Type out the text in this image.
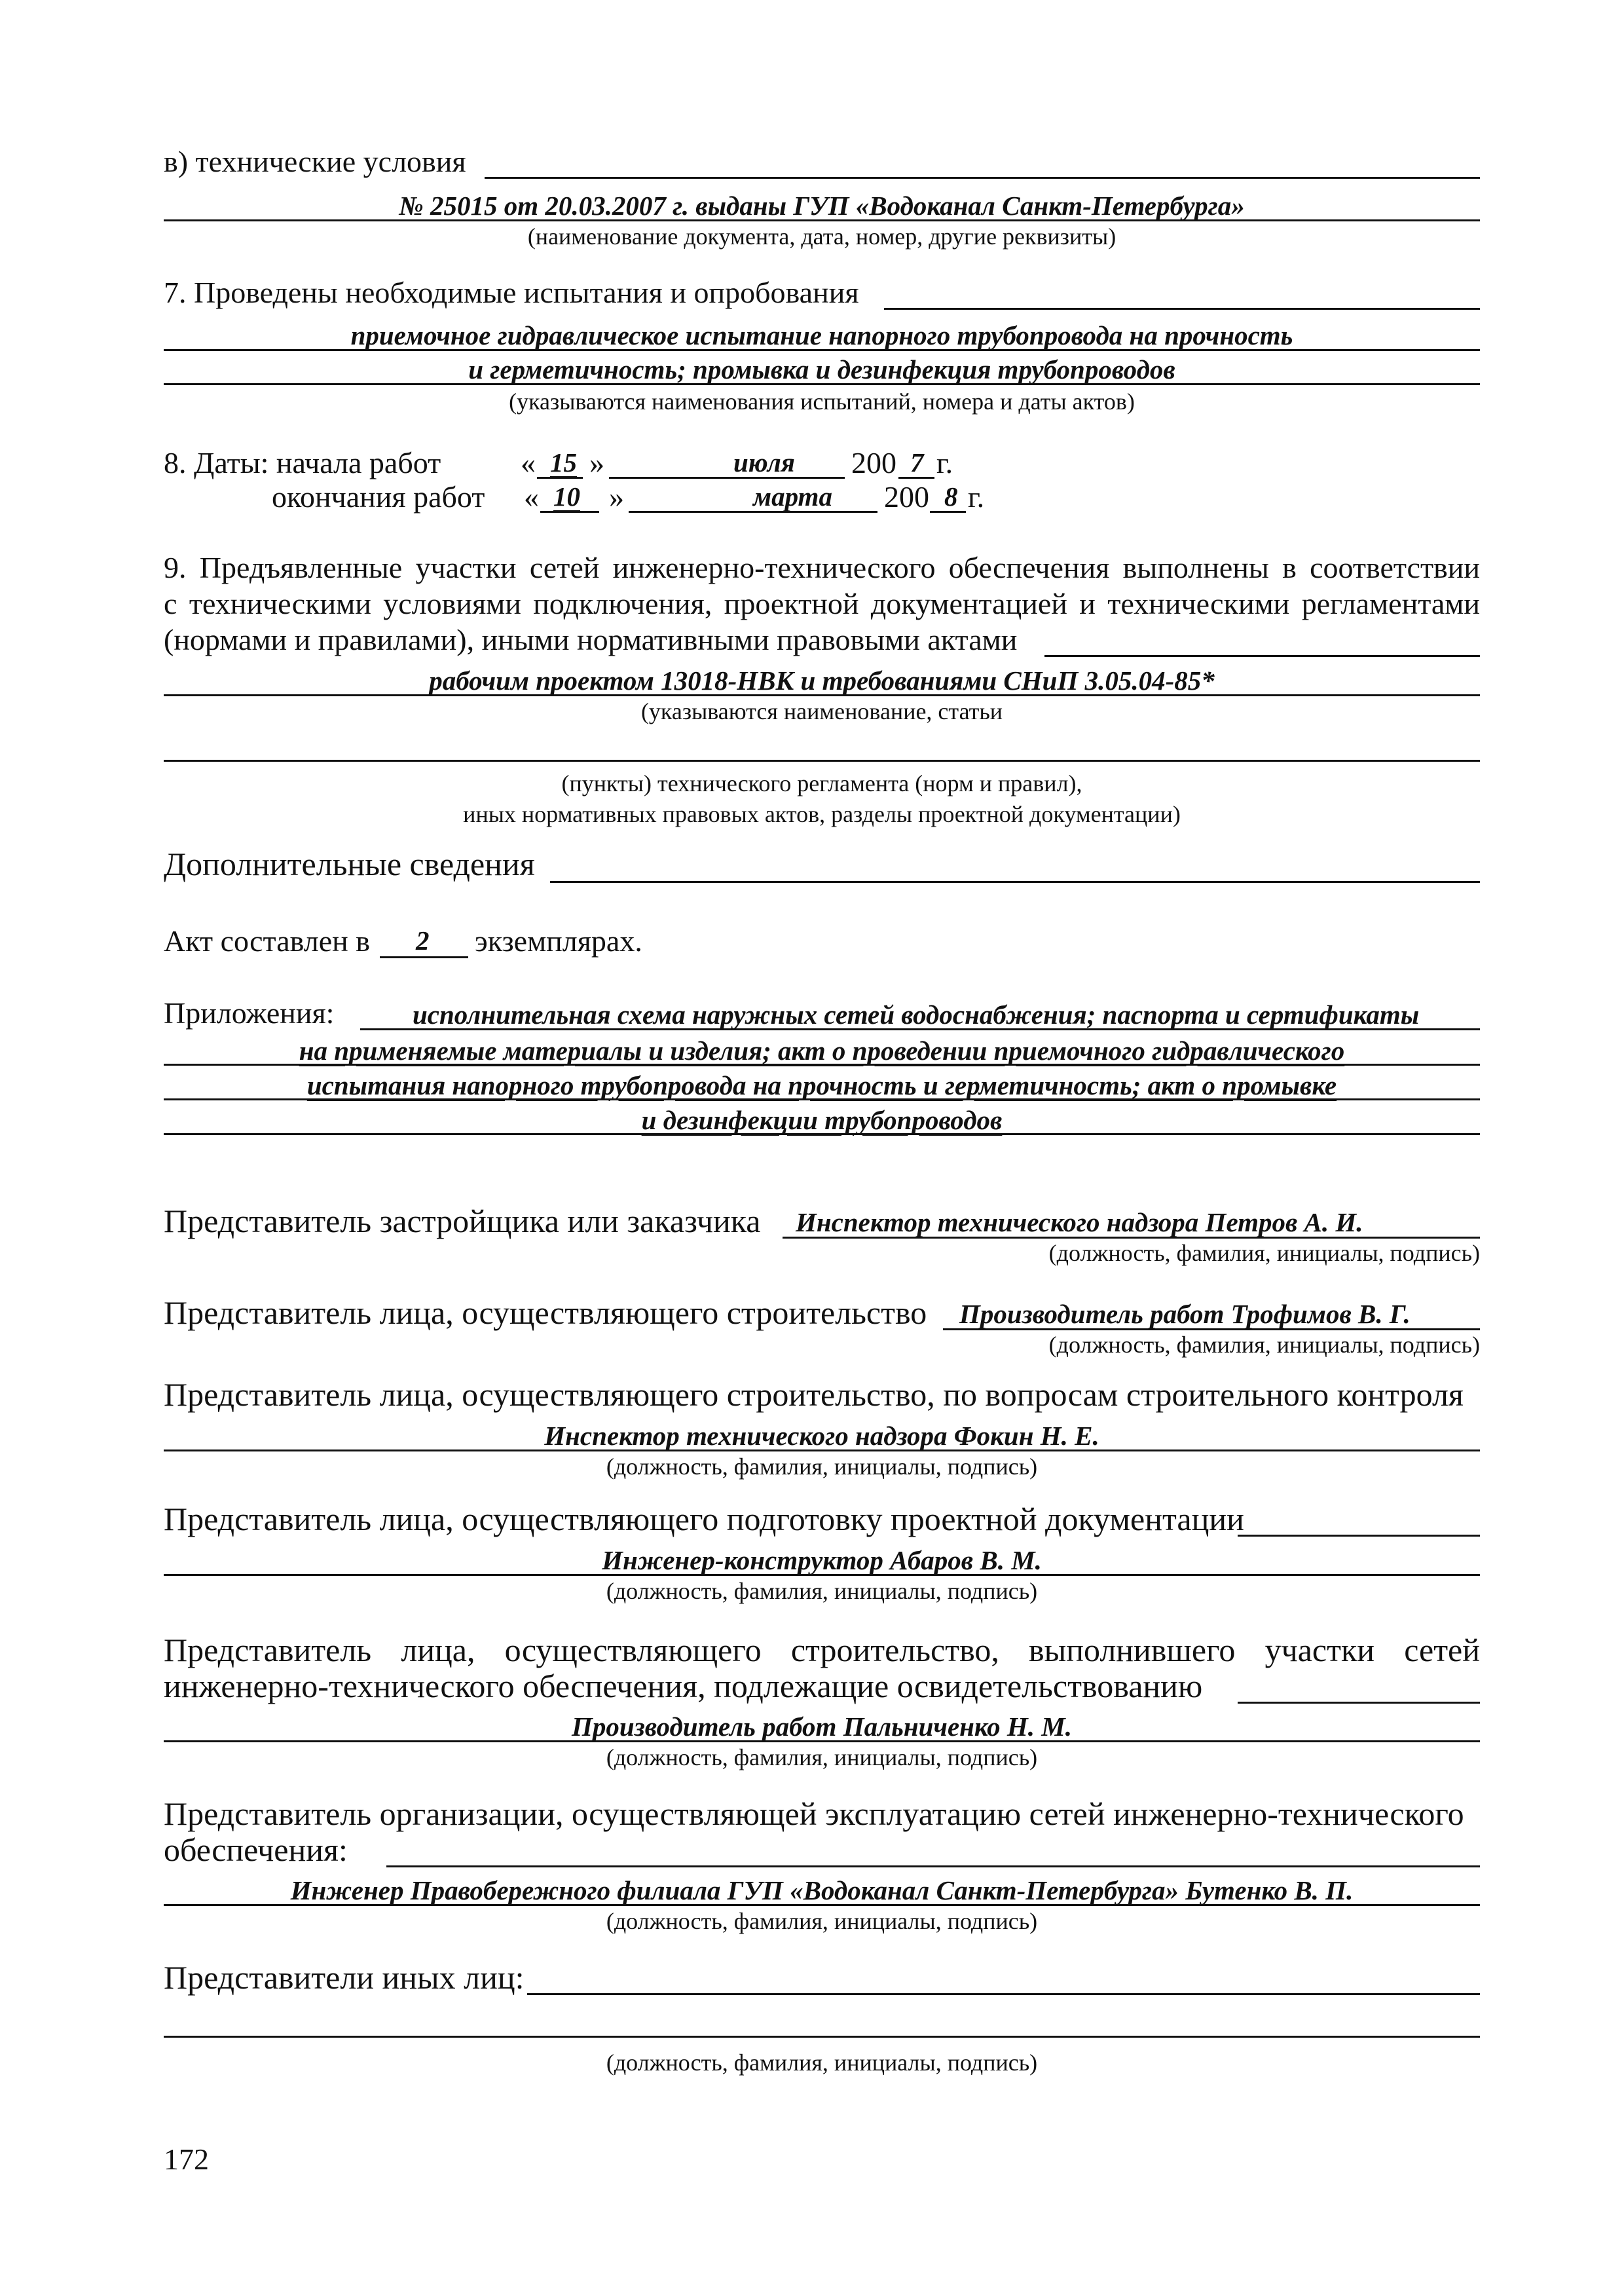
в) технические условия
№ 25015 от 20.03.2007 г. выданы ГУП «Водоканал Санкт-Петербурга»
(наименование документа, дата, номер, другие реквизиты)
7. Проведены необходимые испытания и опробования
приемочное гидравлическое испытание напорного трубопровода на прочность
и герметичность; промывка и дезинфекция трубопроводов
(указываются наименования испытаний, номера и даты актов)
8. Даты: начала работ	« 15 »	июля 200 7 г.
окончания работ « 10 »	марта 200 8 г.
9. Предъявленные участки сетей инженерно-технического обеспечения выполнены в соответствии
с техническими условиями подключения, проектной документацией и техническими регламентами
(нормами и правилами), иными нормативными правовыми актами
рабочим проектом 13018-НВК и требованиями СНиП 3.05.04-85*
(указываются наименование, статьи
(пункты) технического регламента (норм и правил),
иных нормативных правовых актов, разделы проектной документации)
Дополнительные сведения
Акт составлен в 2 экземплярах.
Приложения:	исполнительная схема наружных сетей водоснабжения; паспорта и сертификаты
на применяемые материалы и изделия; акт о проведении приемочного гидравлического
испытания напорного трубопровода на прочность и герметичность; акт о промывке
и дезинфекции трубопроводов
Представитель застройщика или заказчика Инспектор технического надзора Петров А. И.
(должность, фамилия, инициалы, подпись)
Представитель лица, осуществляющего строительство Производитель работ Трофимов В. Г.
(должность, фамилия, инициалы, подпись)
Представитель лица, осуществляющего строительство, по вопросам строительного контроля
Инспектор технического надзора Фокин Н. Е.
(должность, фамилия, инициалы, подпись)
Представитель лица, осуществляющего подготовку проектной документации
Инженер-конструктор Абаров В. М.
(должность, фамилия, инициалы, подпись)
Представитель лица, осуществляющего строительство, выполнившего участки сетей
инженерно-технического обеспечения, подлежащие освидетельствованию
Производитель работ Пальниченко Н. М.
(должность, фамилия, инициалы, подпись)
Представитель организации, осуществляющей эксплуатацию сетей инженерно-технического
обеспечения:
Инженер Правобережного филиала ГУП «Водоканал Санкт-Петербурга» Бутенко В. П.
(должность, фамилия, инициалы, подпись)
Представители иных лиц:
(должность, фамилия, инициалы, подпись)
172
